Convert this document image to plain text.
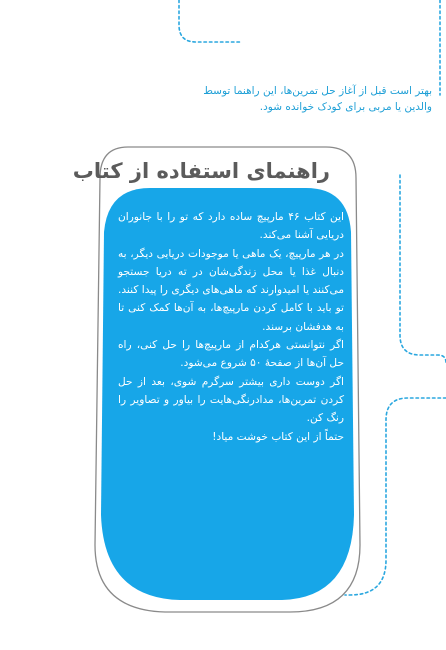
بهتر است قبل از آغاز حل تمرین‌ها، این راهنما توسط والدین یا مربی برای کودک خوانده شود.
راهنمای استفاده از کتاب

این کتاب ۴۶ مارپیچ ساده دارد که تو را با جانوران دریایی آشنا می‌کند.

در هر مارپیچ، یک ماهی یا موجودات دریایی دیگر، به دنبال غذا یا محل زندگی‌شان در ته دریا جستجو می‌کنند یا امیدوارند که ماهی‌های دیگری را پیدا کنند. تو باید با کامل کردن مارپیچ‌ها، به آن‌ها کمک کنی تا به هدفشان برسند.

اگر نتوانستی هرکدام از مارپیچ‌ها را حل کنی، راه حل آن‌ها از صفحهٔ ۵۰ شروع می‌شود.

اگر دوست داری بیشتر سرگرم شوی، بعد از حل کردن تمرین‌ها، مدادرنگی‌هایت را بیاور و تصاویر را رنگ کن.

حتماً از این کتاب خوشت میاد!
